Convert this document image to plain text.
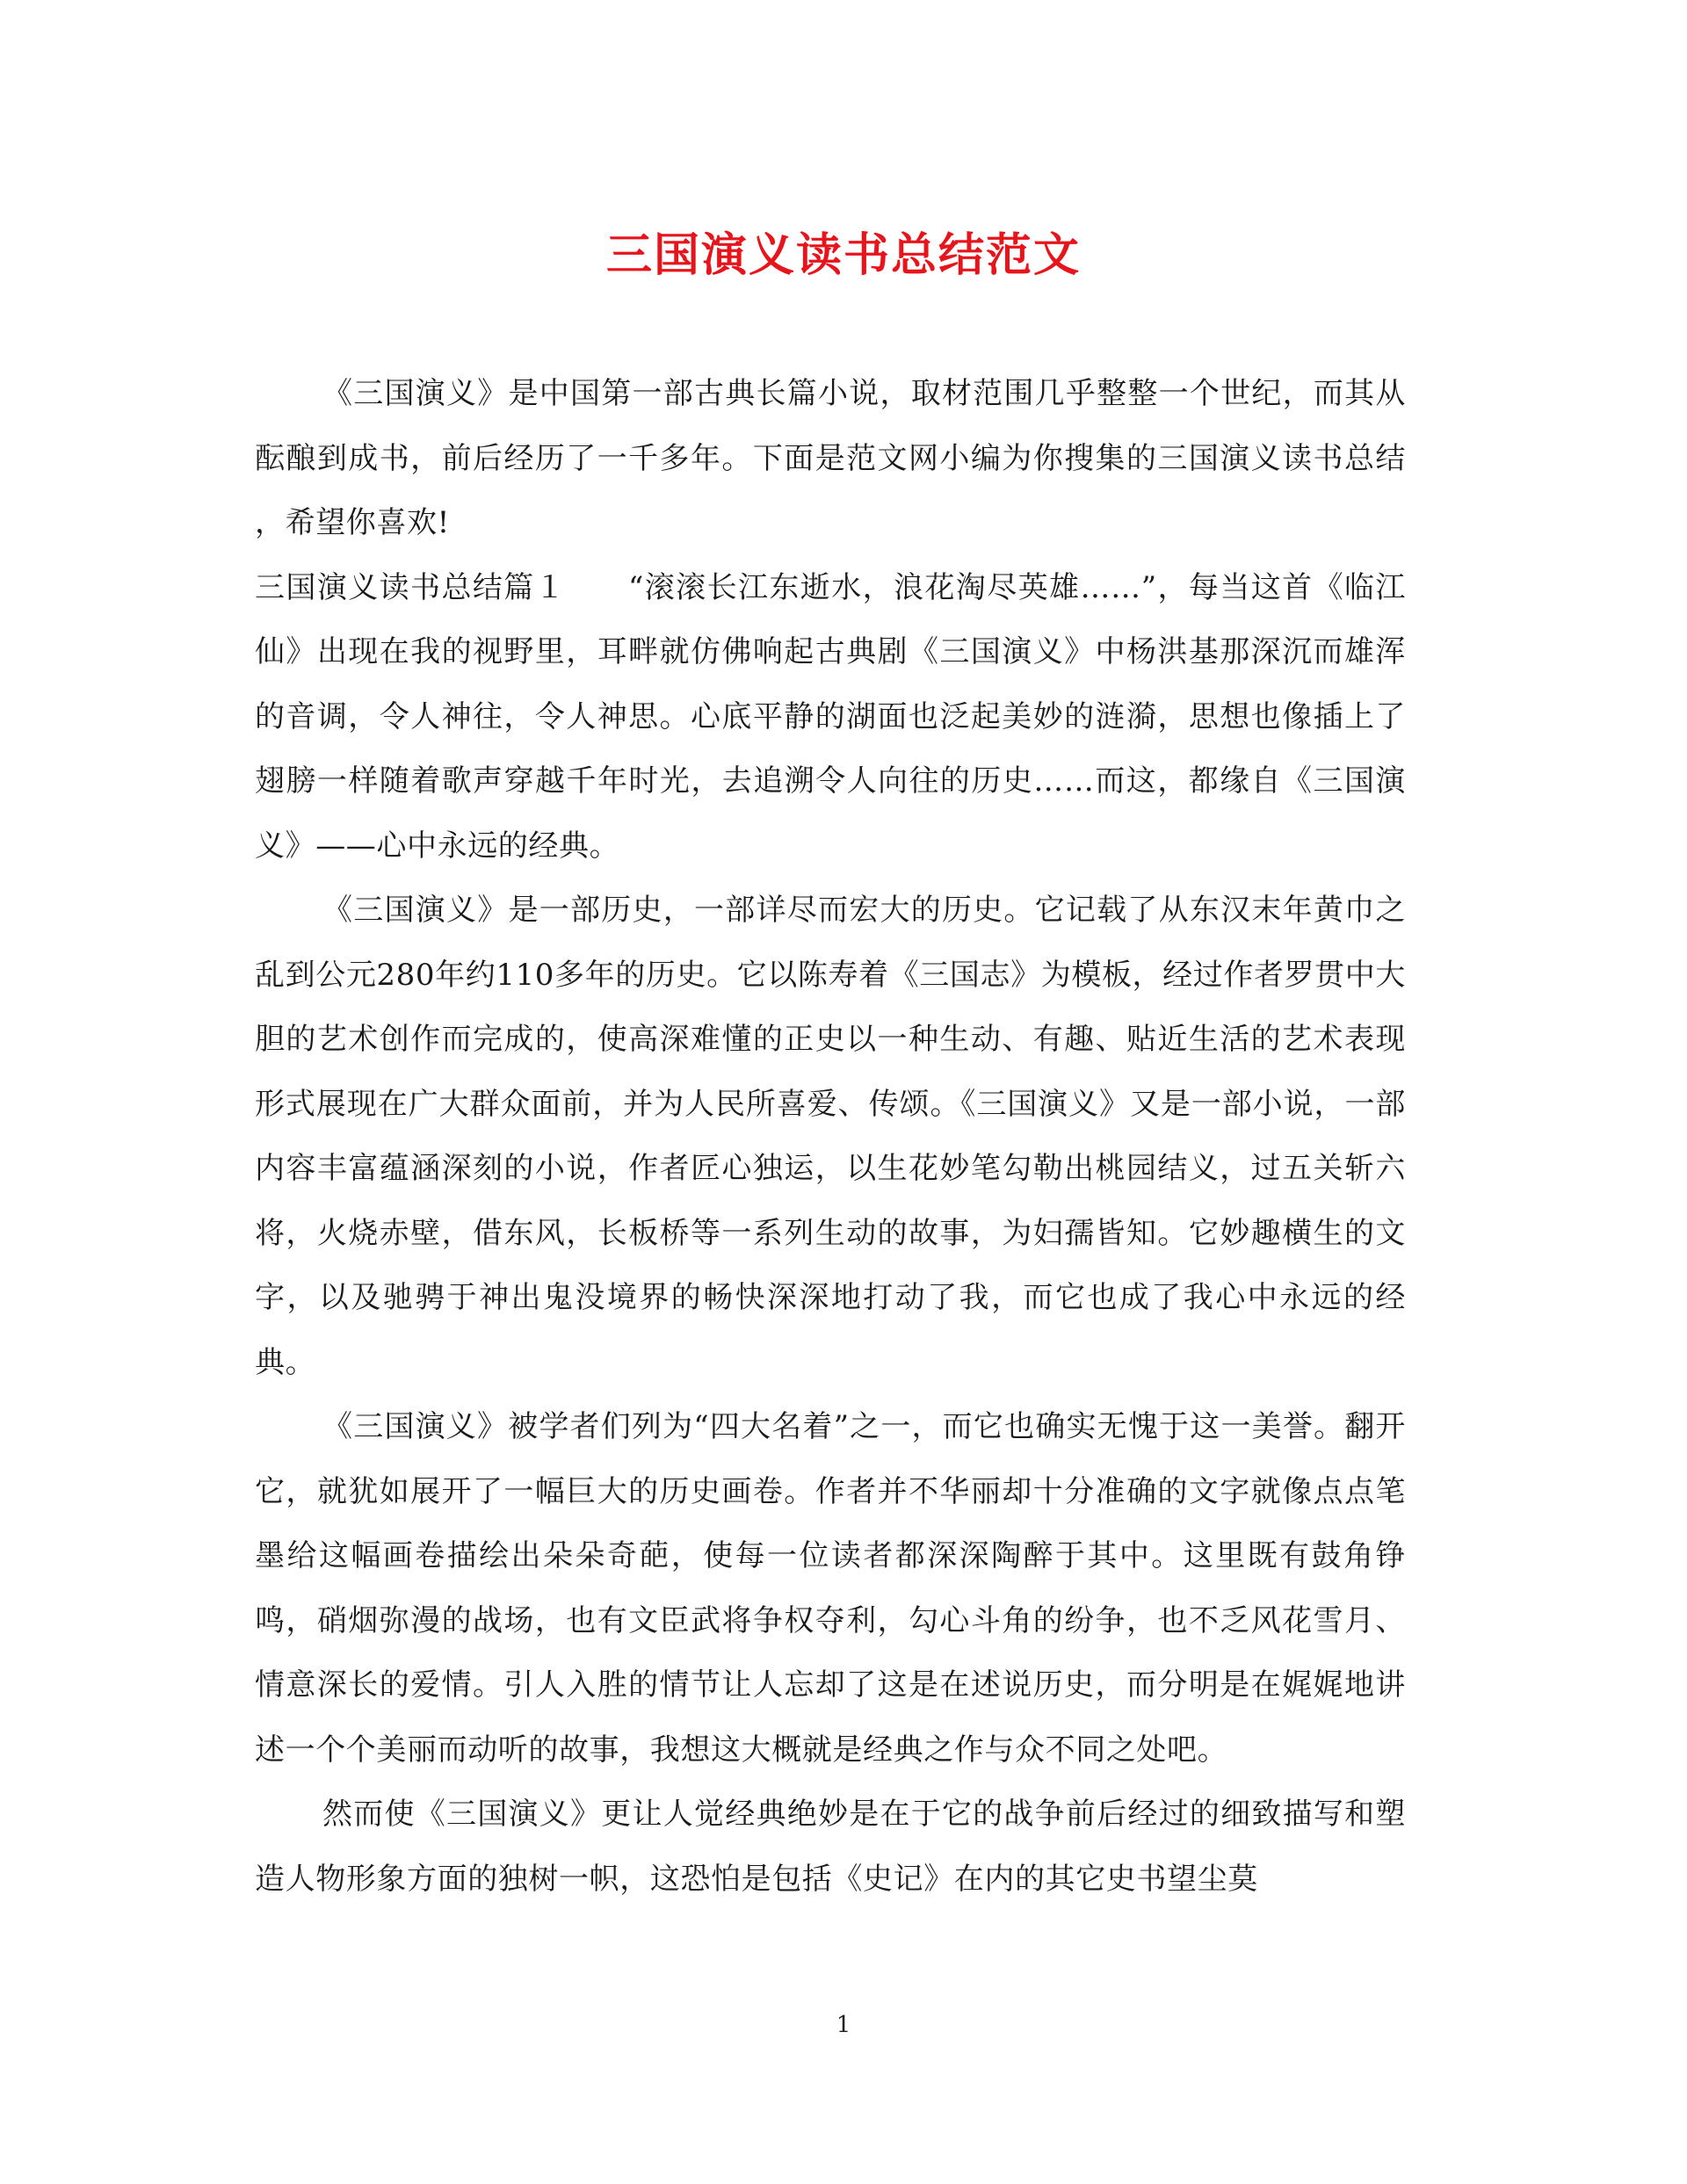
三国演义读书总结范文

《三国演义》是中国第一部古典长篇小说，取材范围几乎整整一个世纪，而其从酝酿到成书，前后经历了一千多年。下面是范文网小编为你搜集的三国演义读书总结 ，希望你喜欢!

三国演义读书总结篇１　　“滚滚长江东逝水，浪花淘尽英雄……”，每当这首《临江仙》出现在我的视野里，耳畔就仿佛响起古典剧《三国演义》中杨洪基那深沉而雄浑的音调，令人神往，令人神思。心底平静的湖面也泛起美妙的涟漪，思想也像插上了翅膀一样随着歌声穿越千年时光，去追溯令人向往的历史……而这，都缘自《三国演义》——心中永远的经典。

《三国演义》是一部历史，一部详尽而宏大的历史。它记载了从东汉末年黄巾之乱到公元280年约110多年的历史。它以陈寿着《三国志》为模板，经过作者罗贯中大胆的艺术创作而完成的，使高深难懂的正史以一种生动、有趣、贴近生活的艺术表现形式展现在广大群众面前，并为人民所喜爱、传颂。《三国演义》又是一部小说，一部内容丰富蕴涵深刻的小说，作者匠心独运，以生花妙笔勾勒出桃园结义，过五关斩六将，火烧赤壁，借东风，长板桥等一系列生动的故事，为妇孺皆知。它妙趣横生的文字，以及驰骋于神出鬼没境界的畅快深深地打动了我，而它也成了我心中永远的经典。

《三国演义》被学者们列为“四大名着”之一，而它也确实无愧于这一美誉。翻开它，就犹如展开了一幅巨大的历史画卷。作者并不华丽却十分准确的文字就像点点笔墨给这幅画卷描绘出朵朵奇葩，使每一位读者都深深陶醉于其中。这里既有鼓角铮鸣，硝烟弥漫的战场，也有文臣武将争权夺利，勾心斗角的纷争，也不乏风花雪月、情意深长的爱情。引人入胜的情节让人忘却了这是在述说历史，而分明是在娓娓地讲述一个个美丽而动听的故事，我想这大概就是经典之作与众不同之处吧。

然而使《三国演义》更让人觉经典绝妙是在于它的战争前后经过的细致描写和塑造人物形象方面的独树一帜，这恐怕是包括《史记》在内的其它史书望尘莫

1
